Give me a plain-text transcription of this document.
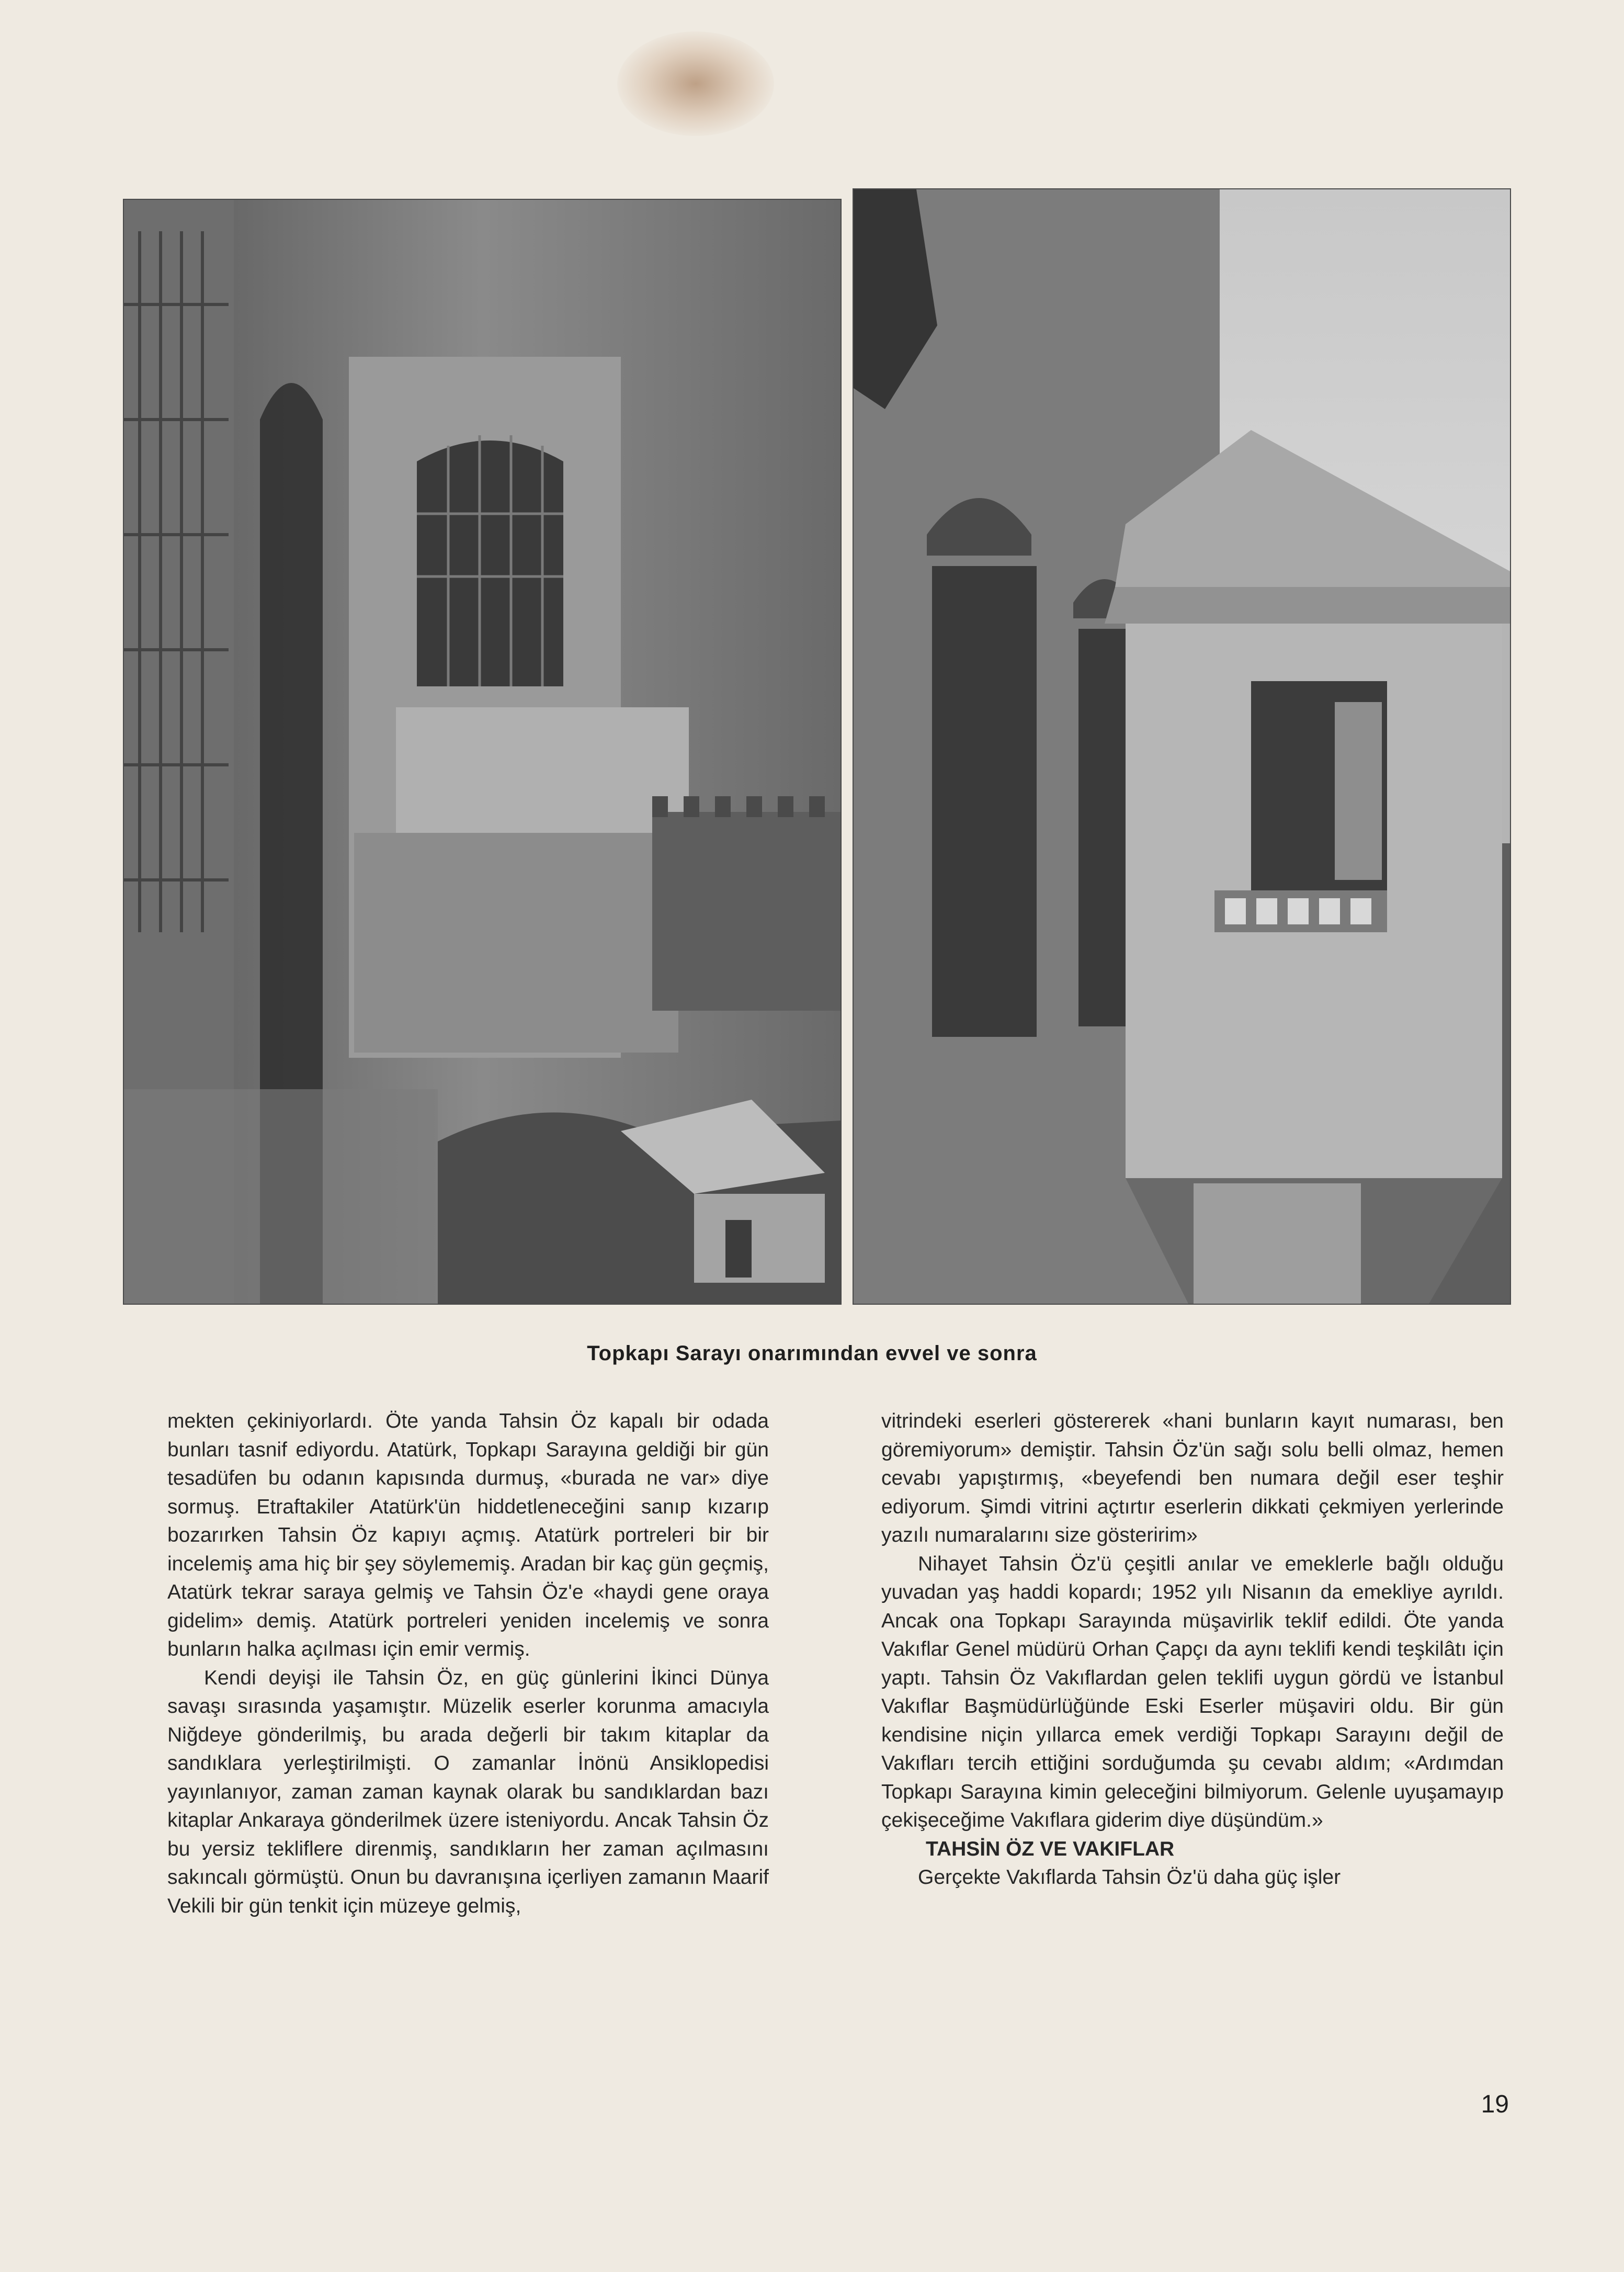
Topkapı Sarayı onarımından evvel ve sonra

mekten çekiniyorlardı. Öte yanda Tahsin Öz kapalı bir odada bunları tasnif ediyordu. Atatürk, Topkapı Sarayına geldiği bir gün tesadüfen bu odanın kapısında durmuş, «burada ne var» diye sormuş. Etraftakiler Atatürk'ün hiddetleneceğini sanıp kızarıp bozarırken Tahsin Öz kapıyı açmış. Atatürk portreleri bir bir incelemiş ama hiç bir şey söylememiş. Aradan bir kaç gün geçmiş, Atatürk tekrar saraya gelmiş ve Tahsin Öz'e «haydi gene oraya gidelim» demiş. Atatürk portreleri yeniden incelemiş ve sonra bunların halka açılması için emir vermiş.

Kendi deyişi ile Tahsin Öz, en güç günlerini İkinci Dünya savaşı sırasında yaşamıştır. Müzelik eserler korunma amacıyla Niğdeye gönderilmiş, bu arada değerli bir takım kitaplar da sandıklara yerleştirilmişti. O zamanlar İnönü Ansiklopedisi yayınlanıyor, zaman zaman kaynak olarak bu sandıklardan bazı kitaplar Ankaraya gönderilmek üzere isteniyordu. Ancak Tahsin Öz bu yersiz tekliflere direnmiş, sandıkların her zaman açılmasını sakıncalı görmüştü. Onun bu davranışına içerliyen zamanın Maarif Vekili bir gün tenkit için müzeye gelmiş,

vitrindeki eserleri göstererek «hani bunların kayıt numarası, ben göremiyorum» demiştir. Tahsin Öz'ün sağı solu belli olmaz, hemen cevabı yapıştırmış, «beyefendi ben numara değil eser teşhir ediyorum. Şimdi vitrini açtırtır eserlerin dikkati çekmiyen yerlerinde yazılı numaralarını size gösteririm»

Nihayet Tahsin Öz'ü çeşitli anılar ve emeklerle bağlı olduğu yuvadan yaş haddi kopardı; 1952 yılı Nisanın da emekliye ayrıldı. Ancak ona Topkapı Sarayında müşavirlik teklif edildi. Öte yanda Vakıflar Genel müdürü Orhan Çapçı da aynı teklifi kendi teşkilâtı için yaptı. Tahsin Öz Vakıflardan gelen teklifi uygun gördü ve İstanbul Vakıflar Başmüdürlüğünde Eski Eserler müşaviri oldu. Bir gün kendisine niçin yıllarca emek verdiği Topkapı Sarayını değil de Vakıfları tercih ettiğini sorduğumda şu cevabı aldım; «Ardımdan Topkapı Sarayına kimin geleceğini bilmiyorum. Gelenle uyuşamayıp çekişeceğime Vakıflara giderim diye düşündüm.»

TAHSİN ÖZ VE VAKIFLAR

Gerçekte Vakıflarda Tahsin Öz'ü daha güç işler

19
